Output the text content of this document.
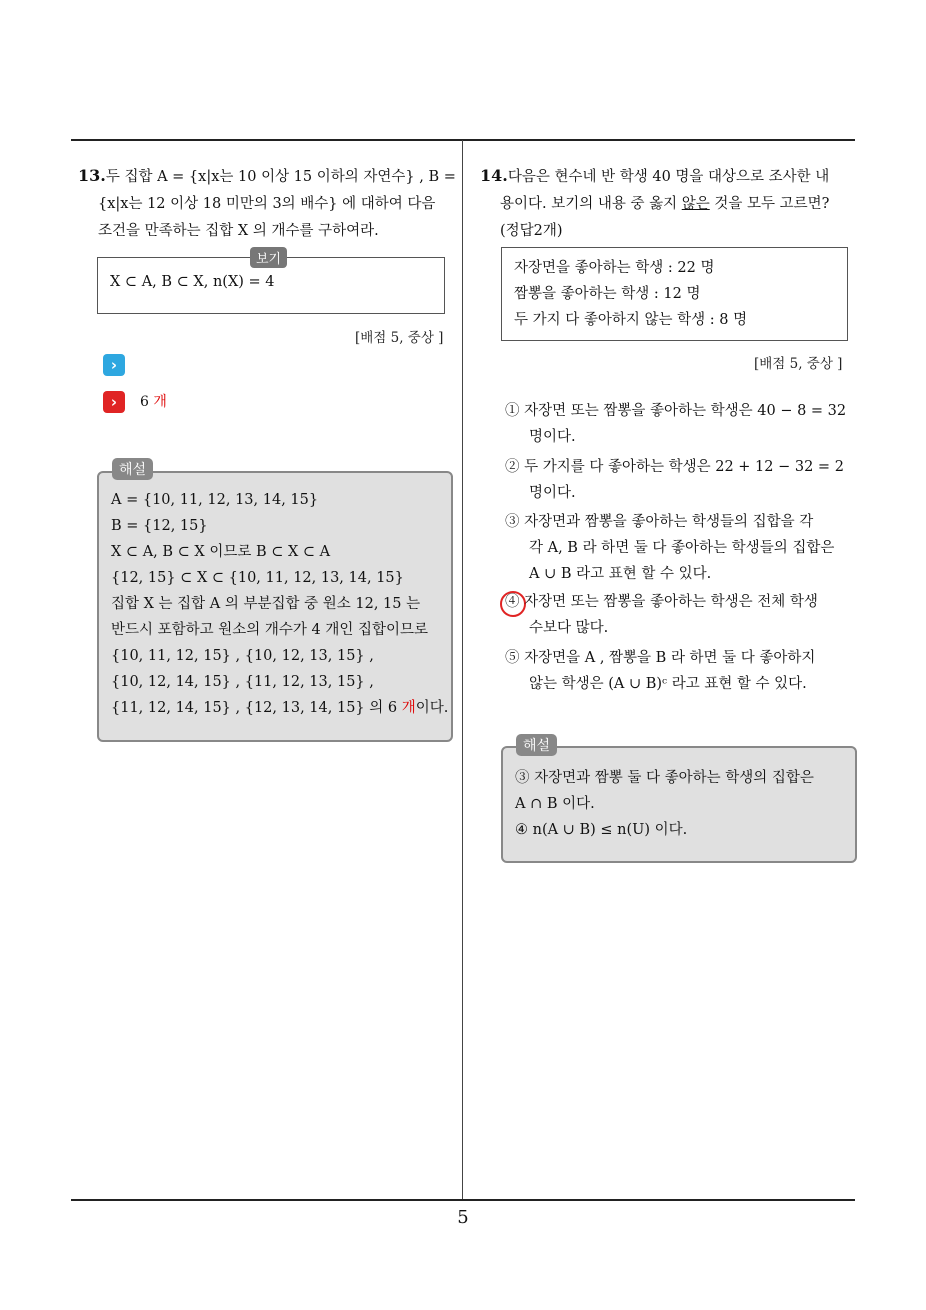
13.두 집합 A = {x|x는 10 이상 15 이하의 자연수} , B =
{x|x는 12 이상 18 미만의 3의 배수} 에 대하여 다음
조건을 만족하는 집합 X 의 개수를 구하여라.
X ⊂ A, B ⊂ X, n(X) = 4
보기
[배점 5, 중상 ]
›
›	6 개
A = {10, 11, 12, 13, 14, 15}
B = {12, 15}
X ⊂ A, B ⊂ X 이므로 B ⊂ X ⊂ A
{12, 15} ⊂ X ⊂ {10, 11, 12, 13, 14, 15}
집합 X 는 집합 A 의 부분집합 중 원소 12, 15 는
반드시 포함하고 원소의 개수가 4 개인 집합이므로
{10, 11, 12, 15} , {10, 12, 13, 15} ,
{10, 12, 14, 15} , {11, 12, 13, 15} ,
{11, 12, 14, 15} , {12, 13, 14, 15} 의 6 개이다.
해설
14.다음은 현수네 반 학생 40 명을 대상으로 조사한 내
용이다. 보기의 내용 중 옳지 않은 것을 모두 고르면?
(정답2개)
자장면을 좋아하는 학생 : 22 명
짬뽕을 좋아하는 학생 : 12 명
두 가지 다 좋아하지 않는 학생 : 8 명
[배점 5, 중상 ]
① 자장면 또는 짬뽕을 좋아하는 학생은 40 − 8 = 32
명이다.
② 두 가지를 다 좋아하는 학생은 22 + 12 − 32 = 2
명이다.
③ 자장면과 짬뽕을 좋아하는 학생들의 집합을 각
각 A, B 라 하면 둘 다 좋아하는 학생들의 집합은
A ∪ B 라고 표현 할 수 있다.
④ 자장면 또는 짬뽕을 좋아하는 학생은 전체 학생
수보다 많다.
⑤ 자장면을 A , 짬뽕을 B 라 하면 둘 다 좋아하지
않는 학생은 (A ∪ B)ᶜ 라고 표현 할 수 있다.
③ 자장면과 짬뽕 둘 다 좋아하는 학생의 집합은
A ∩ B 이다.
④ n(A ∪ B) ≤ n(U) 이다.
해설
5
